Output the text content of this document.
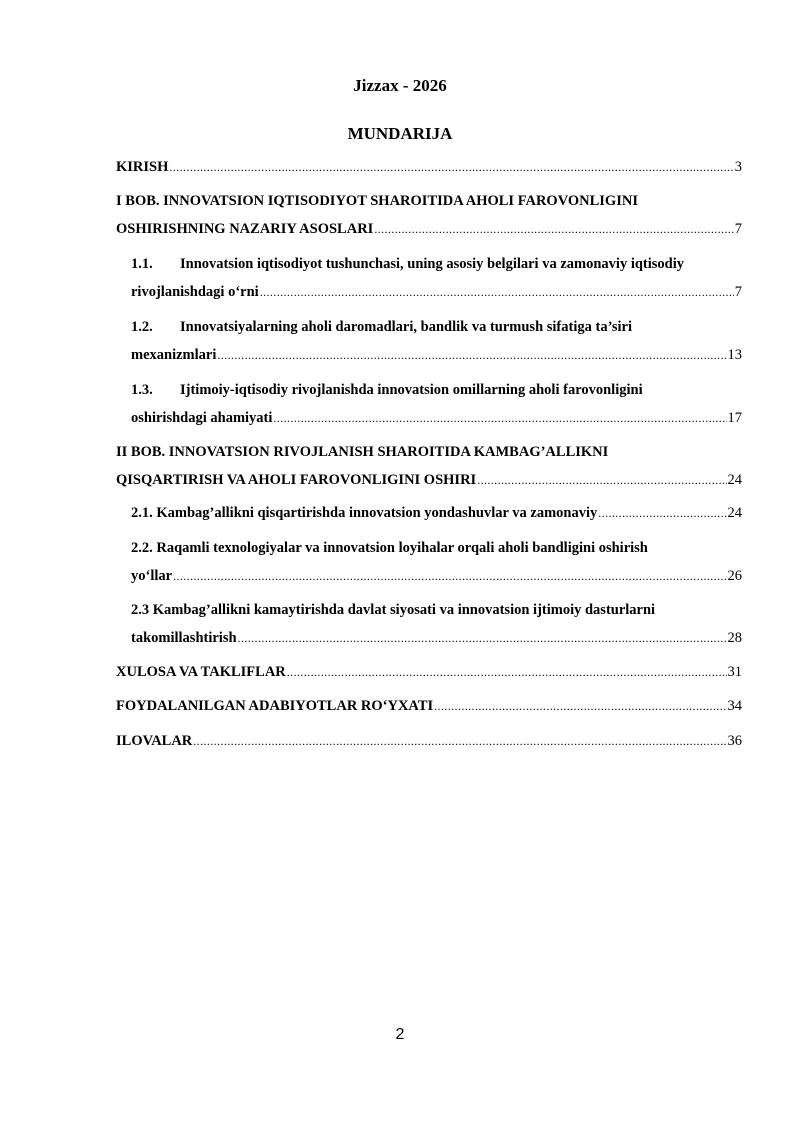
Jizzax - 2026
MUNDARIJA
KIRISH .....	3
I BOB. INNOVATSION IQTISODIYOT SHAROITIDA AHOLI FAROVONLIGINI
OSHIRISHNING NAZARIY ASOSLARI .....	7
1.1. Innovatsion iqtisodiyot tushunchasi, uning asosiy belgilari va zamonaviy iqtisodiy
rivojlanishdagi o‘rni .....	7
1.2. Innovatsiyalarning aholi daromadlari, bandlik va turmush sifatiga ta’siri
mexanizmlari .....	13
1.3. Ijtimoiy-iqtisodiy rivojlanishda innovatsion omillarning aholi farovonligini
oshirishdagi ahamiyati .....	17
II BOB. INNOVATSION RIVOJLANISH SHAROITIDA KAMBAG’ALLIKNI
QISQARTIRISH VA AHOLI FAROVONLIGINI OSHIRI .....	24
2.1. Kambag’allikni qisqartirishda innovatsion yondashuvlar va zamonaviy .....	24
2.2. Raqamli texnologiyalar va innovatsion loyihalar orqali aholi bandligini oshirish
yo‘llar .....	26
2.3 Kambag’allikni kamaytirishda davlat siyosati va innovatsion ijtimoiy dasturlarni
takomillashtirish .....	28
XULOSA VA TAKLIFLAR .....	31
FOYDALANILGAN ADABIYOTLAR RO‘YXATI .....	34
ILOVALAR .....	36
2
